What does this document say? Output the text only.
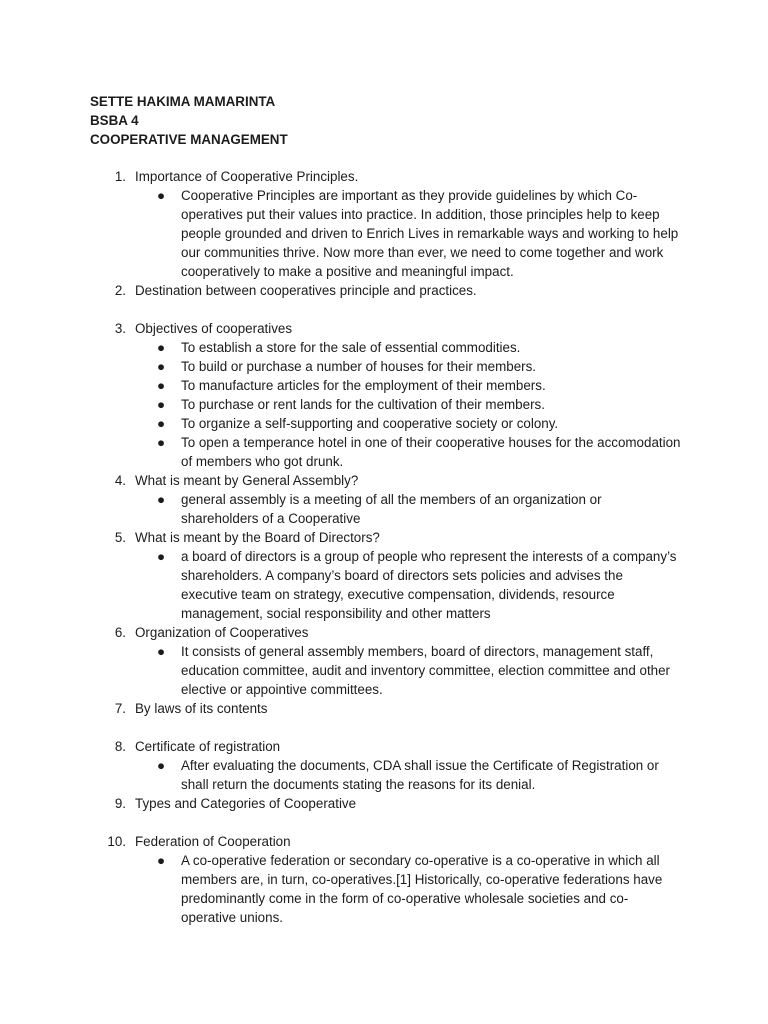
SETTE HAKIMA MAMARINTA
BSBA 4
COOPERATIVE MANAGEMENT
1. Importance of Cooperative Principles.
● Cooperative Principles are important as they provide guidelines by which Co-operatives put their values into practice. In addition, those principles help to keep people grounded and driven to Enrich Lives in remarkable ways and working to help our communities thrive. Now more than ever, we need to come together and work cooperatively to make a positive and meaningful impact.
2. Destination between cooperatives principle and practices.
3. Objectives of cooperatives
● To establish a store for the sale of essential commodities.
● To build or purchase a number of houses for their members.
● To manufacture articles for the employment of their members.
● To purchase or rent lands for the cultivation of their members.
● To organize a self-supporting and cooperative society or colony.
● To open a temperance hotel in one of their cooperative houses for the accomodation of members who got drunk.
4. What is meant by General Assembly?
● general assembly is a meeting of all the members of an organization or shareholders of a Cooperative
5. What is meant by the Board of Directors?
● a board of directors is a group of people who represent the interests of a company’s shareholders. A company’s board of directors sets policies and advises the executive team on strategy, executive compensation, dividends, resource management, social responsibility and other matters
6. Organization of Cooperatives
● It consists of general assembly members, board of directors, management staff, education committee, audit and inventory committee, election committee and other elective or appointive committees.
7. By laws of its contents
8. Certificate of registration
● After evaluating the documents, CDA shall issue the Certificate of Registration or shall return the documents stating the reasons for its denial.
9. Types and Categories of Cooperative
10. Federation of Cooperation
● A co-operative federation or secondary co-operative is a co-operative in which all members are, in turn, co-operatives.[1] Historically, co-operative federations have predominantly come in the form of co-operative wholesale societies and co-operative unions.
